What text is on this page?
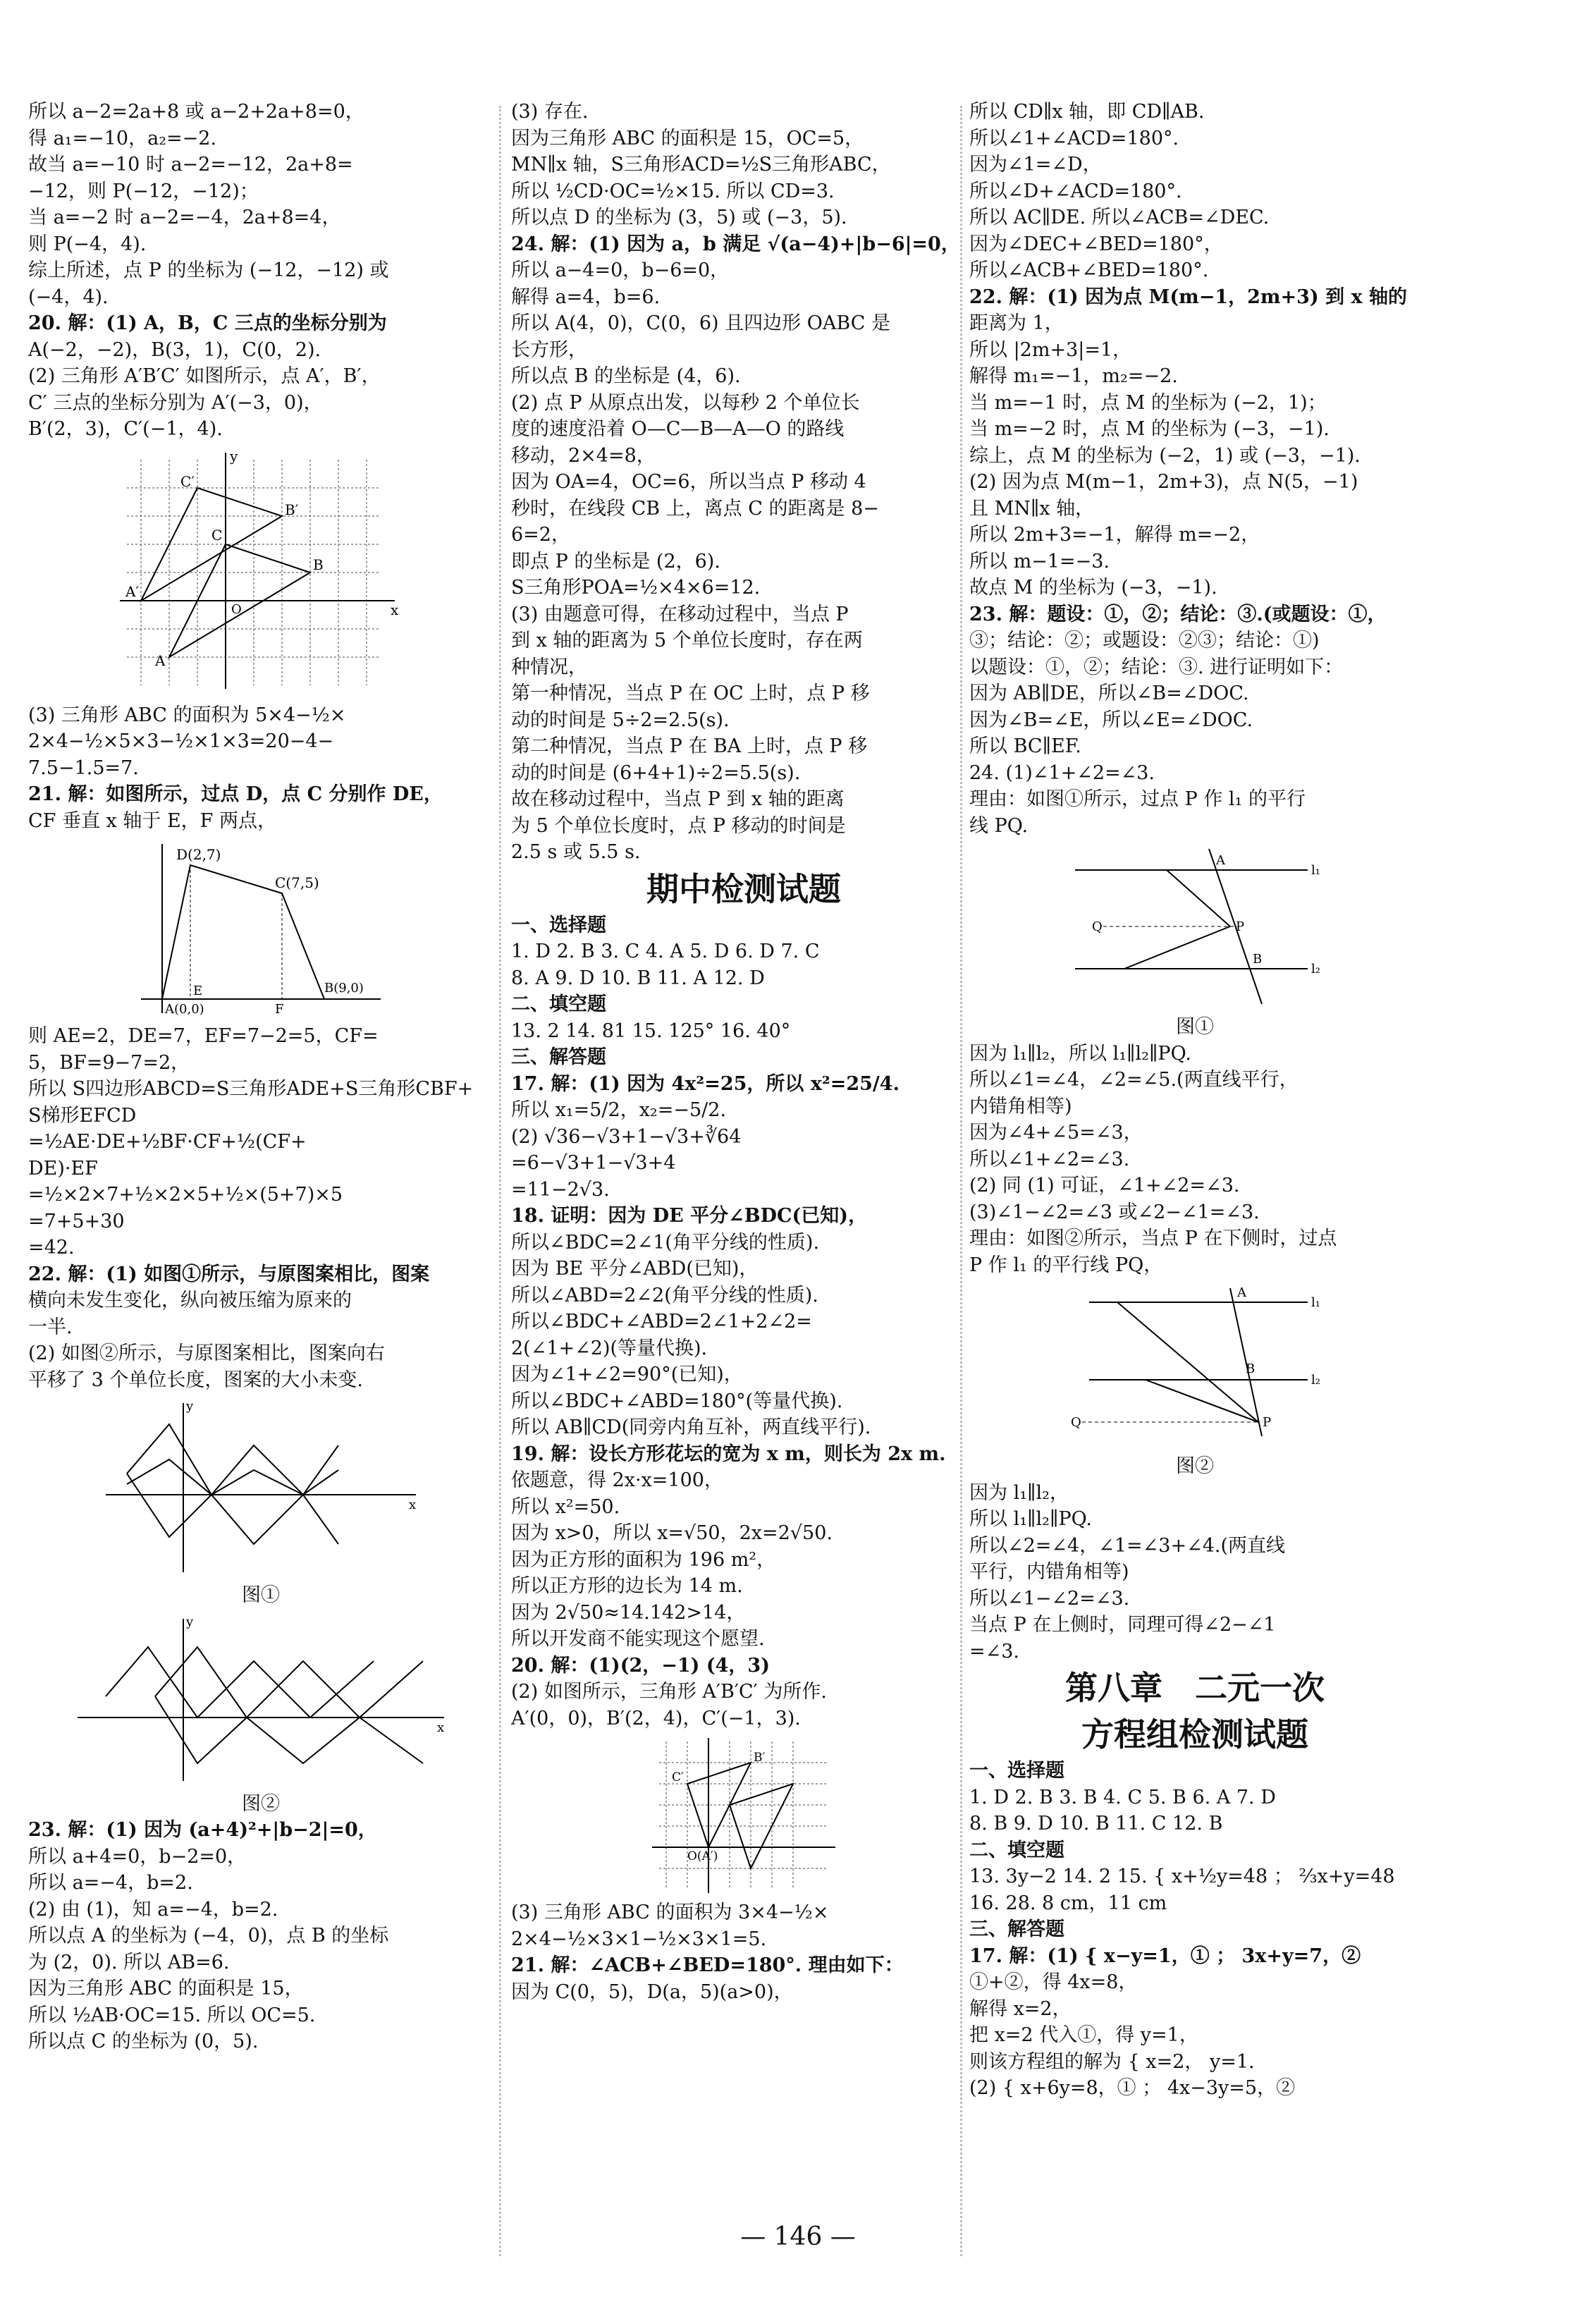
所以 a−2=2a+8 或 a−2+2a+8=0，
得 a₁=−10，a₂=−2.
故当 a=−10 时 a−2=−12，2a+8=
−12，则 P(−12，−12)；
当 a=−2 时 a−2=−4，2a+8=4，
则 P(−4，4).
综上所述，点 P 的坐标为 (−12，−12) 或
(−4，4).
20. 解：(1) A，B，C 三点的坐标分别为
A(−2，−2)，B(3，1)，C(0，2).
(2) 三角形 A′B′C′ 如图所示，点 A′，B′，
C′ 三点的坐标分别为 A′(−3，0)，
B′(2，3)，C′(−1，4).
y
x
A
B
C
A′
B′
C′
O
(3) 三角形 ABC 的面积为 5×4−½×
2×4−½×5×3−½×1×3=20−4−
7.5−1.5=7.
21. 解：如图所示，过点 D，点 C 分别作 DE，
CF 垂直 x 轴于 E，F 两点，
D(2,7)
C(7,5)
A(0,0)
B(9,0)
E
F
则 AE=2，DE=7，EF=7−2=5，CF=
5，BF=9−7=2，
所以 S四边形ABCD=S三角形ADE+S三角形CBF+
S梯形EFCD
=½AE·DE+½BF·CF+½(CF+
DE)·EF
=½×2×7+½×2×5+½×(5+7)×5
=7+5+30
=42.
22. 解：(1) 如图①所示，与原图案相比，图案
横向未发生变化，纵向被压缩为原来的
一半.
(2) 如图②所示，与原图案相比，图案向右
平移了 3 个单位长度，图案的大小未变.
y
x
图①
y
x
图②
23. 解：(1) 因为 (a+4)²+|b−2|=0，
所以 a+4=0，b−2=0，
所以 a=−4，b=2.
(2) 由 (1)，知 a=−4，b=2.
所以点 A 的坐标为 (−4，0)，点 B 的坐标
为 (2，0). 所以 AB=6.
因为三角形 ABC 的面积是 15，
所以 ½AB·OC=15. 所以 OC=5.
所以点 C 的坐标为 (0，5).
(3) 存在.
因为三角形 ABC 的面积是 15，OC=5，
MN∥x 轴，S三角形ACD=½S三角形ABC，
所以 ½CD·OC=½×15. 所以 CD=3.
所以点 D 的坐标为 (3，5) 或 (−3，5).
24. 解：(1) 因为 a，b 满足 √(a−4)+|b−6|=0，
所以 a−4=0，b−6=0，
解得 a=4，b=6.
所以 A(4，0)，C(0，6) 且四边形 OABC 是
长方形，
所以点 B 的坐标是 (4，6).
(2) 点 P 从原点出发，以每秒 2 个单位长
度的速度沿着 O—C—B—A—O 的路线
移动，2×4=8，
因为 OA=4，OC=6，所以当点 P 移动 4
秒时，在线段 CB 上，离点 C 的距离是 8−
6=2，
即点 P 的坐标是 (2，6).
S三角形POA=½×4×6=12.
(3) 由题意可得，在移动过程中，当点 P
到 x 轴的距离为 5 个单位长度时，存在两
种情况，
第一种情况，当点 P 在 OC 上时，点 P 移
动的时间是 5÷2=2.5(s).
第二种情况，当点 P 在 BA 上时，点 P 移
动的时间是 (6+4+1)÷2=5.5(s).
故在移动过程中，当点 P 到 x 轴的距离
为 5 个单位长度时，点 P 移动的时间是
2.5 s 或 5.5 s.
期中检测试题
一、选择题
1. D 2. B 3. C 4. A 5. D 6. D 7. C
8. A 9. D 10. B 11. A 12. D
二、填空题
13. 2 14. 81 15. 125° 16. 40°
三、解答题
17. 解：(1) 因为 4x²=25，所以 x²=25/4.
所以 x₁=5/2，x₂=−5/2.
(2) √36−√3+1−√3+∛64
=6−√3+1−√3+4
=11−2√3.
18. 证明：因为 DE 平分∠BDC(已知)，
所以∠BDC=2∠1(角平分线的性质).
因为 BE 平分∠ABD(已知)，
所以∠ABD=2∠2(角平分线的性质).
所以∠BDC+∠ABD=2∠1+2∠2=
2(∠1+∠2)(等量代换).
因为∠1+∠2=90°(已知)，
所以∠BDC+∠ABD=180°(等量代换).
所以 AB∥CD(同旁内角互补，两直线平行).
19. 解：设长方形花坛的宽为 x m，则长为 2x m.
依题意，得 2x·x=100，
所以 x²=50.
因为 x>0，所以 x=√50，2x=2√50.
因为正方形的面积为 196 m²，
所以正方形的边长为 14 m.
因为 2√50≈14.142>14，
所以开发商不能实现这个愿望.
20. 解：(1)(2，−1) (4，3)
(2) 如图所示，三角形 A′B′C′ 为所作.
A′(0，0)，B′(2，4)，C′(−1，3).
B′
C′
O(A′)
(3) 三角形 ABC 的面积为 3×4−½×
2×4−½×3×1−½×3×1=5.
21. 解：∠ACB+∠BED=180°. 理由如下：
因为 C(0，5)，D(a，5)(a>0)，
所以 CD∥x 轴，即 CD∥AB.
所以∠1+∠ACD=180°.
因为∠1=∠D，
所以∠D+∠ACD=180°.
所以 AC∥DE. 所以∠ACB=∠DEC.
因为∠DEC+∠BED=180°，
所以∠ACB+∠BED=180°.
22. 解：(1) 因为点 M(m−1，2m+3) 到 x 轴的
距离为 1，
所以 |2m+3|=1，
解得 m₁=−1，m₂=−2.
当 m=−1 时，点 M 的坐标为 (−2，1)；
当 m=−2 时，点 M 的坐标为 (−3，−1).
综上，点 M 的坐标为 (−2，1) 或 (−3，−1).
(2) 因为点 M(m−1，2m+3)，点 N(5，−1)
且 MN∥x 轴，
所以 2m+3=−1，解得 m=−2，
所以 m−1=−3.
故点 M 的坐标为 (−3，−1).
23. 解：题设：①，②；结论：③.(或题设：①，
③；结论：②；或题设：②③；结论：①)
以题设：①，②；结论：③. 进行证明如下：
因为 AB∥DE，所以∠B=∠DOC.
因为∠B=∠E，所以∠E=∠DOC.
所以 BC∥EF.
24. (1)∠1+∠2=∠3.
理由：如图①所示，过点 P 作 l₁ 的平行
线 PQ.
A
B
P
Q
l₁
l₂
图①
因为 l₁∥l₂，所以 l₁∥l₂∥PQ.
所以∠1=∠4，∠2=∠5.(两直线平行，
内错角相等)
因为∠4+∠5=∠3，
所以∠1+∠2=∠3.
(2) 同 (1) 可证，∠1+∠2=∠3.
(3)∠1−∠2=∠3 或∠2−∠1=∠3.
理由：如图②所示，当点 P 在下侧时，过点
P 作 l₁ 的平行线 PQ，
A
B
P
Q
l₁
l₂
图②
因为 l₁∥l₂，
所以 l₁∥l₂∥PQ.
所以∠2=∠4，∠1=∠3+∠4.(两直线
平行，内错角相等)
所以∠1−∠2=∠3.
当点 P 在上侧时，同理可得∠2−∠1
=∠3.
第八章　二元一次
方程组检测试题
一、选择题
1. D 2. B 3. B 4. C 5. B 6. A 7. D
8. B 9. D 10. B 11. C 12. B
二、填空题
13. 3y−2 14. 2 15. { x+½y=48 ； ⅔x+y=48
16. 28. 8 cm，11 cm
三、解答题
17. 解：(1) { x−y=1，① ； 3x+y=7，②
①+②，得 4x=8，
解得 x=2，
把 x=2 代入①，得 y=1，
则该方程组的解为 { x=2， y=1.
(2) { x+6y=8，① ； 4x−3y=5，②
— 146 —
